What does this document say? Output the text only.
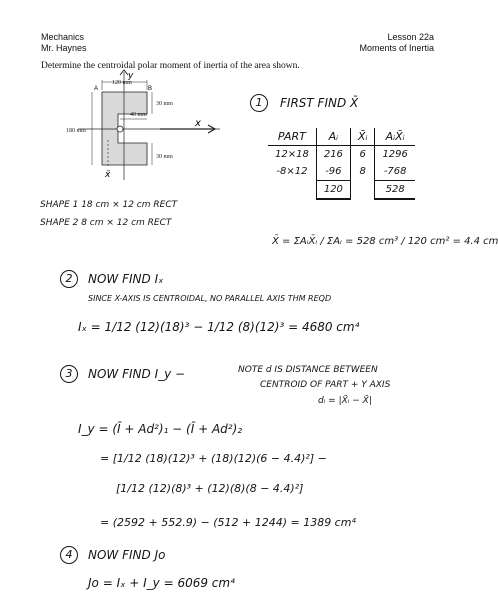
Mechanics
Mr. Haynes
Lesson 22a
Moments of Inertia
Determine the centroidal polar moment of inertia of the area shown.
y
x
A	B
x̄
120 mm
180 mm
30 mm
40 mm
30 mm
1	FIRST FIND X̄
PART	Aᵢ	X̄ᵢ	AᵢX̄ᵢ
12×18	216	6	1296
-8×12	-96	8	-768
	120		528
X̄ = ΣAᵢX̄ᵢ / ΣAᵢ = 528 cm³ / 120 cm² = 4.4 cm
SHAPE 1 18 cm × 12 cm RECT
SHAPE 2 8 cm × 12 cm RECT
2	NOW FIND Iₓ
SINCE X-AXIS IS CENTROIDAL, NO PARALLEL AXIS THM REQD
Iₓ = 1/12 (12)(18)³ − 1/12 (8)(12)³ = 4680 cm⁴
3	NOW FIND I_y −	NOTE d IS DISTANCE BETWEEN
CENTROID OF PART + Y AXIS
dᵢ = |X̄ᵢ − X̄|
I_y = (Ī + Ad²)₁ − (Ī + Ad²)₂
= [1/12 (18)(12)³ + (18)(12)(6 − 4.4)²] −
[1/12 (12)(8)³ + (12)(8)(8 − 4.4)²]
= (2592 + 552.9) − (512 + 1244) = 1389 cm⁴
4	NOW FIND Jo
Jo = Iₓ + I_y = 6069 cm⁴
